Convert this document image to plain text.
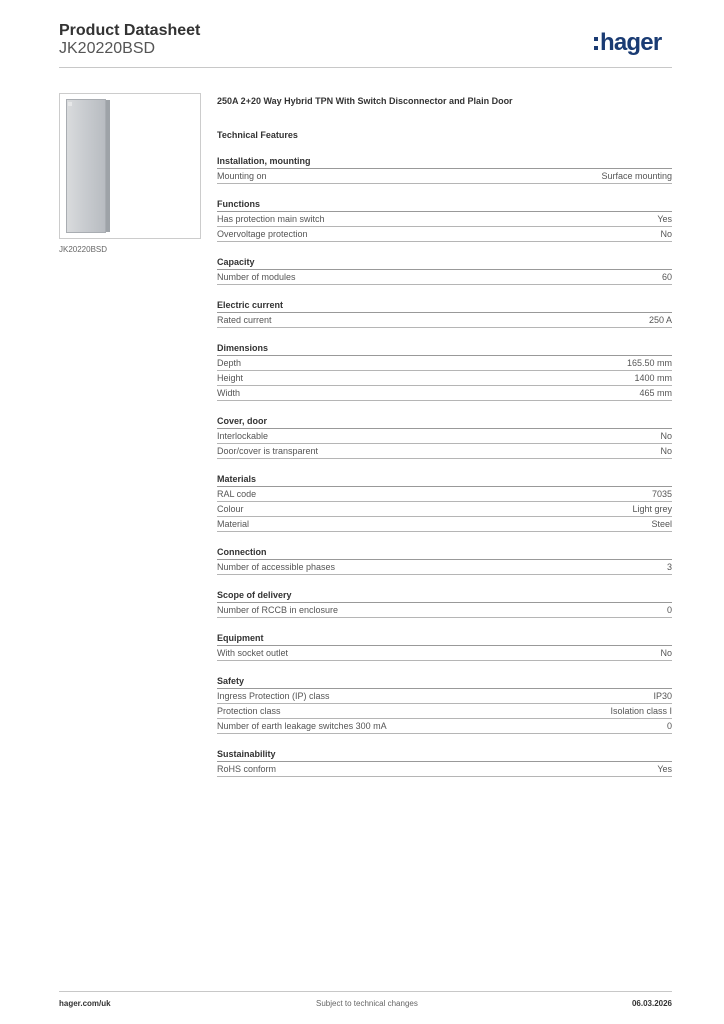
Product Datasheet
JK20220BSD	hager
JK20220BSD
250A 2+20 Way Hybrid TPN With Switch Disconnector and Plain Door
Technical Features
Installation, mounting
Mounting on	Surface mounting
Functions
Has protection main switch	Yes
Overvoltage protection	No
Capacity
Number of modules	60
Electric current
Rated current	250 A
Dimensions
Depth	165.50 mm
Height	1400 mm
Width	465 mm
Cover, door
Interlockable	No
Door/cover is transparent	No
Materials
RAL code	7035
Colour	Light grey
Material	Steel
Connection
Number of accessible phases	3
Scope of delivery
Number of RCCB in enclosure	0
Equipment
With socket outlet	No
Safety
Ingress Protection (IP) class	IP30
Protection class	Isolation class I
Number of earth leakage switches 300 mA	0
Sustainability
RoHS conform	Yes
hager.com/uk	Subject to technical changes	06.03.2026
